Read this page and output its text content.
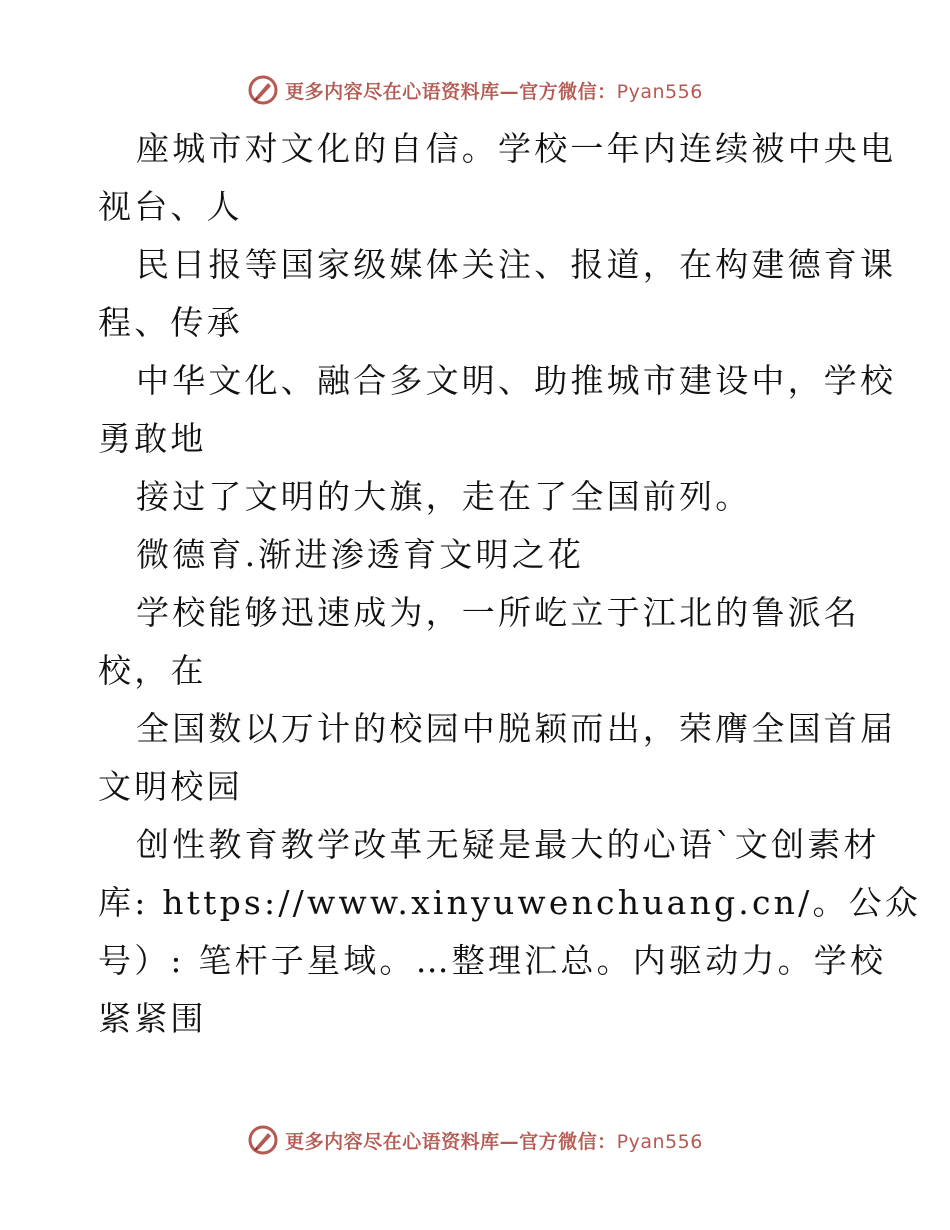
更多内容尽在心语资料库—官方微信：Pyan556
座城市对文化的自信。学校一年内连续被中央电
视台、人
民日报等国家级媒体关注、报道，在构建德育课
程、传承
中华文化、融合多文明、助推城市建设中，学校
勇敢地
接过了文明的大旗，走在了全国前列。
微德育.渐进渗透育文明之花
学校能够迅速成为，一所屹立于江北的鲁派名
校，在
全国数以万计的校园中脱颖而出，荣膺全国首届
文明校园
创性教育教学改革无疑是最大的心语`文创素材
库: https://www.xinyuwenchuang.cn/。公众
号）: 笔杆子星域。…整理汇总。内驱动力。学校
紧紧围
更多内容尽在心语资料库—官方微信：Pyan556
